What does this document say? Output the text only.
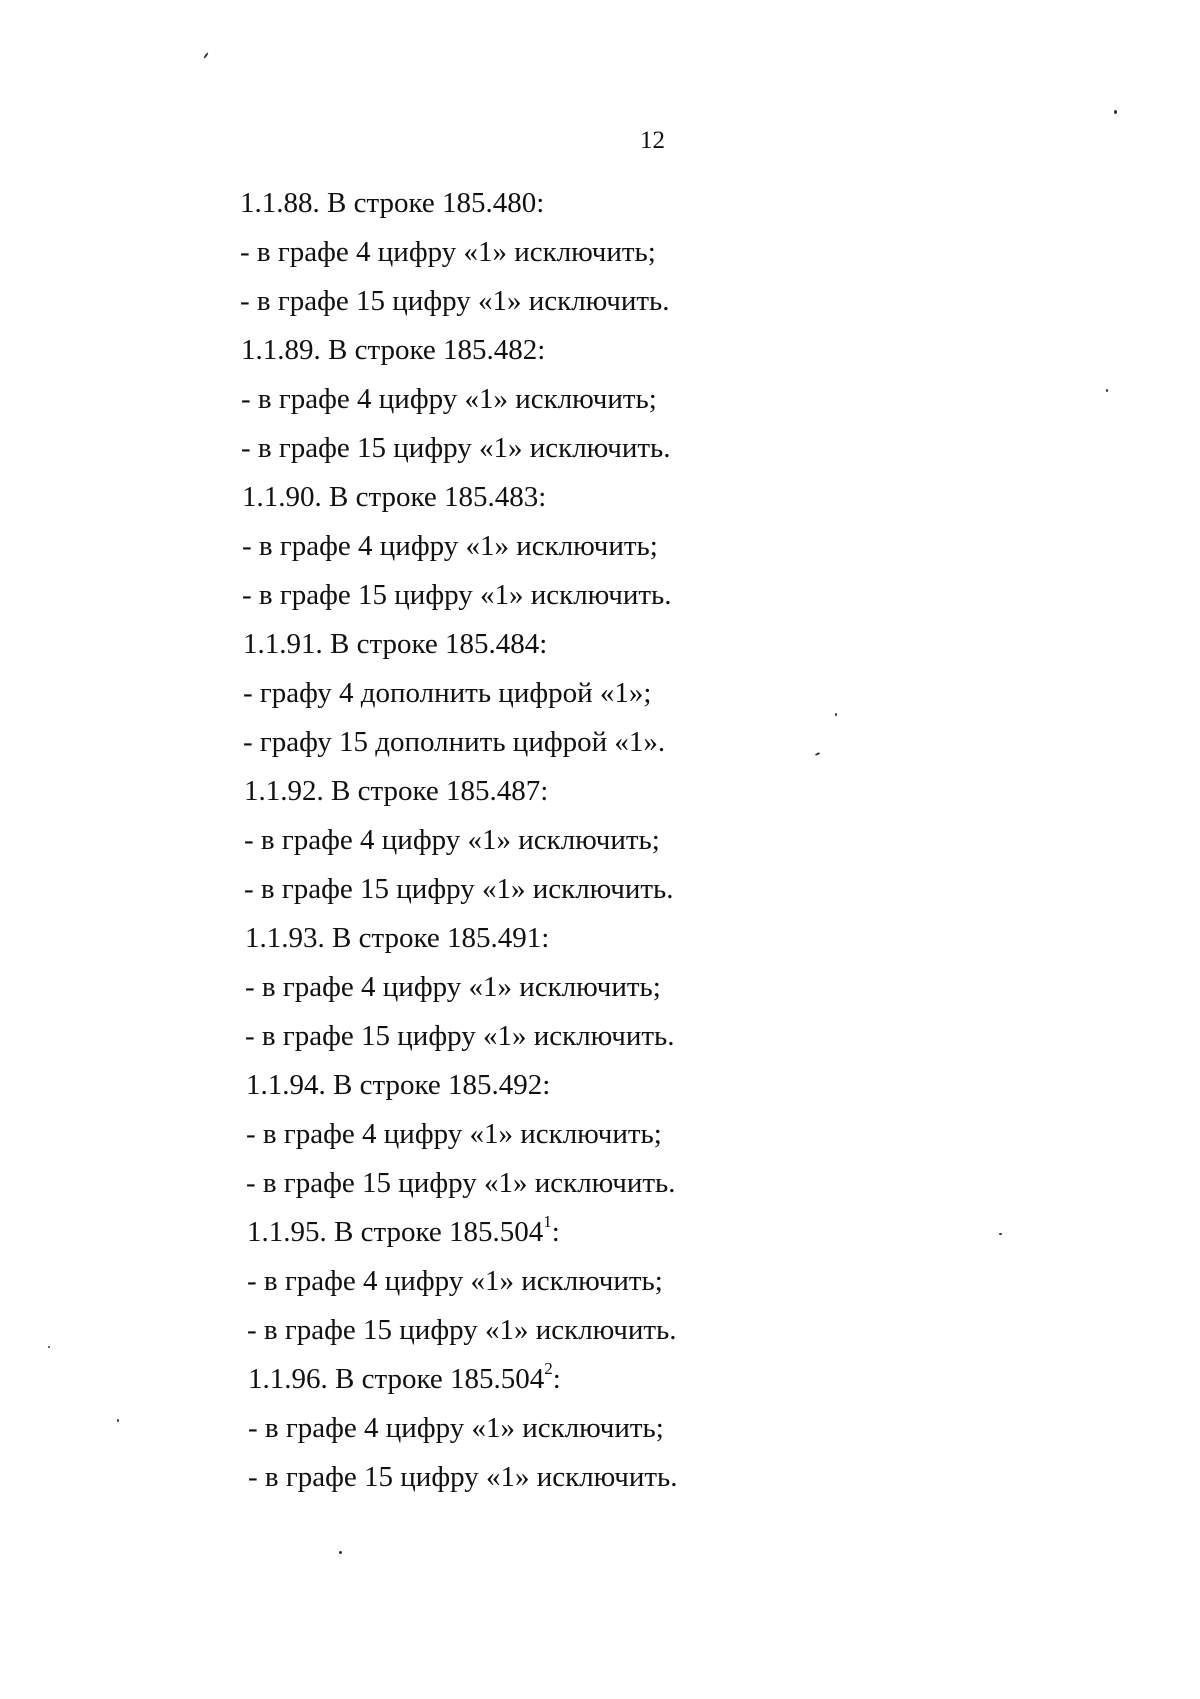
12
1.1.88. В строке 185.480:
- в графе 4 цифру «1» исключить;
- в графе 15 цифру «1» исключить.
1.1.89. В строке 185.482:
- в графе 4 цифру «1» исключить;
- в графе 15 цифру «1» исключить.
1.1.90. В строке 185.483:
- в графе 4 цифру «1» исключить;
- в графе 15 цифру «1» исключить.
1.1.91. В строке 185.484:
- графу 4 дополнить цифрой «1»;
- графу 15 дополнить цифрой «1».
1.1.92. В строке 185.487:
- в графе 4 цифру «1» исключить;
- в графе 15 цифру «1» исключить.
1.1.93. В строке 185.491:
- в графе 4 цифру «1» исключить;
- в графе 15 цифру «1» исключить.
1.1.94. В строке 185.492:
- в графе 4 цифру «1» исключить;
- в графе 15 цифру «1» исключить.
1.1.95. В строке 185.504$^1$:
- в графе 4 цифру «1» исключить;
- в графе 15 цифру «1» исключить.
1.1.96. В строке 185.504$^2$:
- в графе 4 цифру «1» исключить;
- в графе 15 цифру «1» исключить.
